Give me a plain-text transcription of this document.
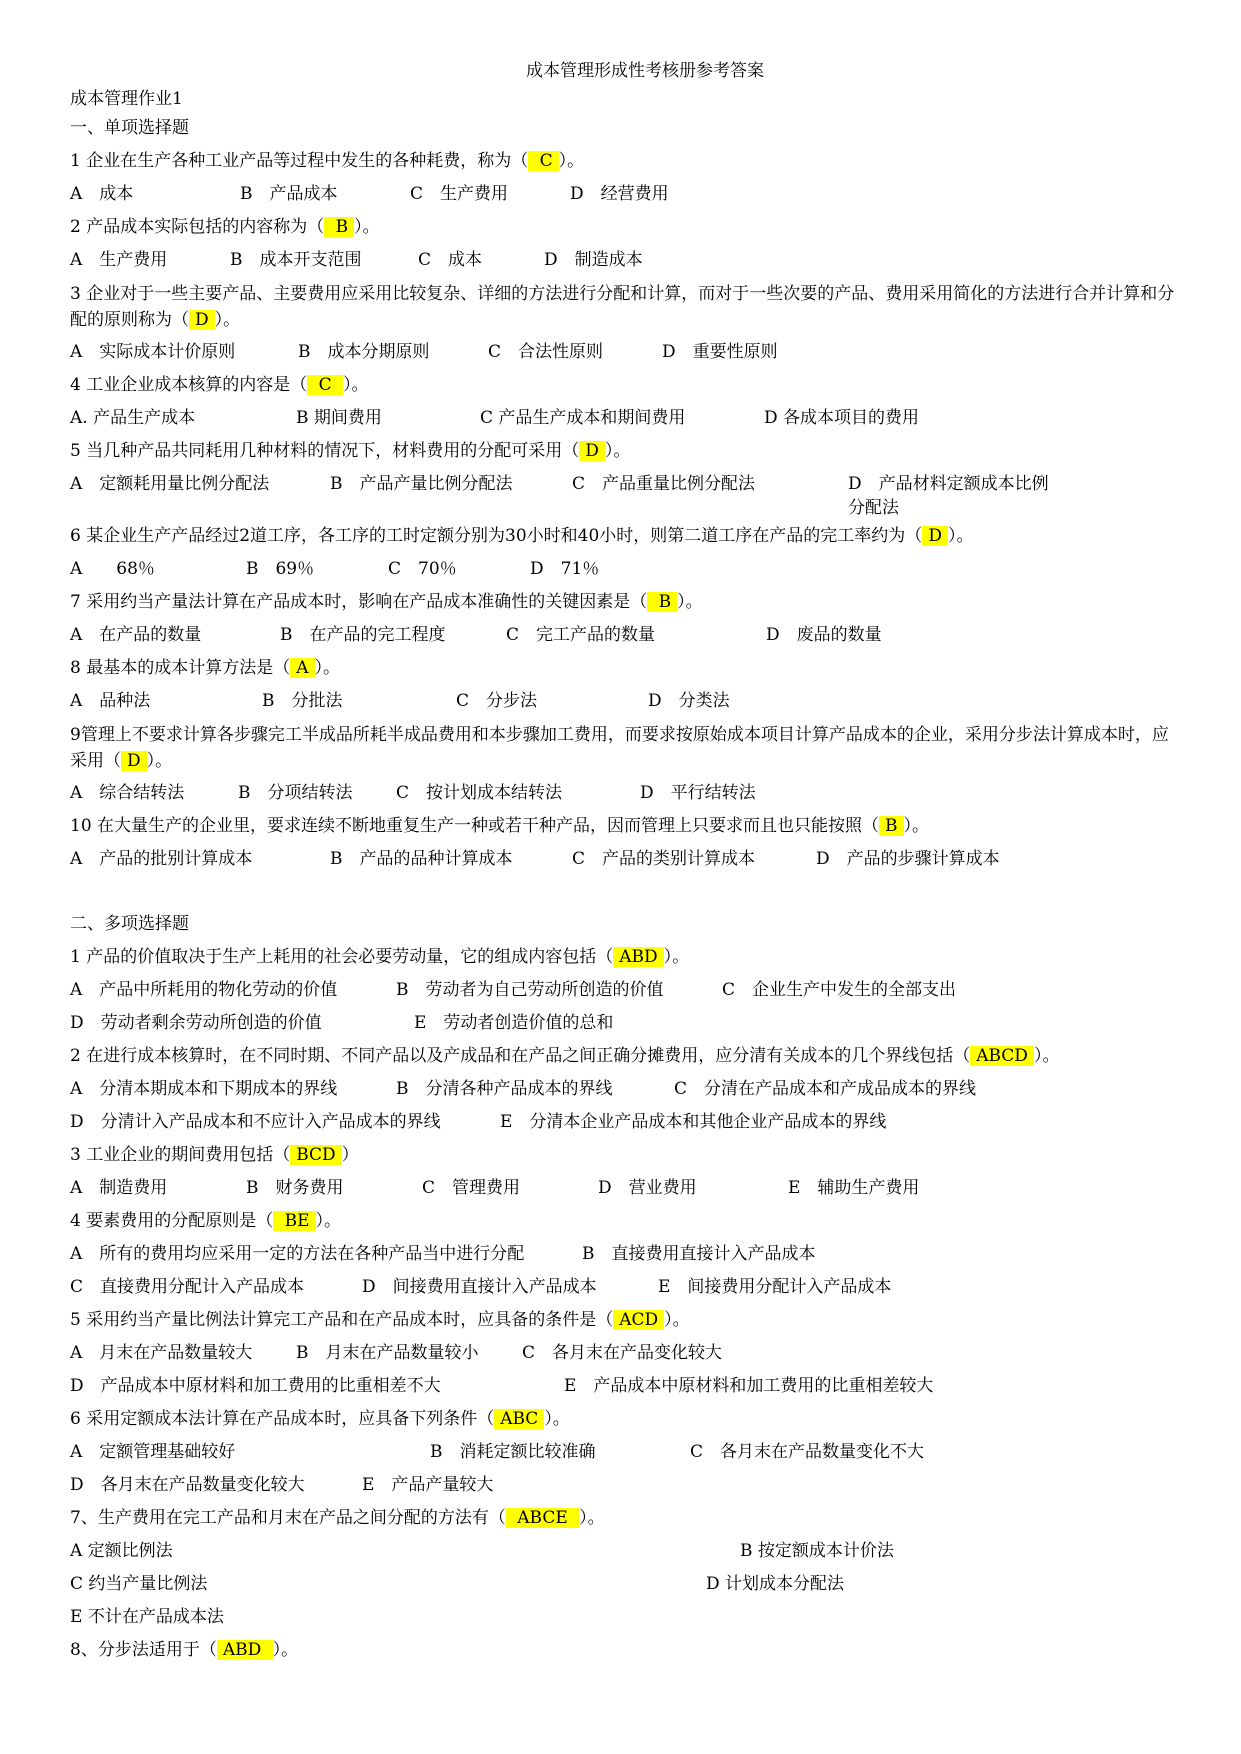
成本管理形成性考核册参考答案
成本管理作业1
一、单项选择题
1 企业在生产各种工业产品等过程中发生的各种耗费，称为（ C ）。
A　成本	B　产品成本	C　生产费用	D　经营费用
2 产品成本实际包括的内容称为（ B ）。
A　生产费用	B　成本开支范围	C　成本	D　制造成本
3 企业对于一些主要产品、主要费用应采用比较复杂、详细的方法进行分配和计算，而对于一些次要的产品、费用采用简化的方法进行合并计算和分配的原则称为（ D ）。
A　实际成本计价原则	B　成本分期原则	C　合法性原则	D　重要性原则
4 工业企业成本核算的内容是（ C ）。
A. 产品生产成本	B 期间费用	C 产品生产成本和期间费用	D 各成本项目的费用
5 当几种产品共同耗用几种材料的情况下，材料费用的分配可采用（ D ）。
A　定额耗用量比例分配法	B　产品产量比例分配法	C　产品重量比例分配法	D　产品材料定额成本比例分配法
6 某企业生产产品经过2道工序，各工序的工时定额分别为30小时和40小时，则第二道工序在产品的完工率约为（ D ）。
A　　68％	B　69％	C　70％	D　71％
7 采用约当产量法计算在产品成本时，影响在产品成本准确性的关键因素是（ B ）。
A　在产品的数量	B　在产品的完工程度	C　完工产品的数量	D　废品的数量
8 最基本的成本计算方法是（ A ）。
A　品种法	B　分批法	C　分步法	D　分类法
9管理上不要求计算各步骤完工半成品所耗半成品费用和本步骤加工费用，而要求按原始成本项目计算产品成本的企业，采用分步法计算成本时，应采用（ D ）。
A　综合结转法	B　分项结转法	C　按计划成本结转法	D　平行结转法
10 在大量生产的企业里，要求连续不断地重复生产一种或若干种产品，因而管理上只要求而且也只能按照（ B ）。
A　产品的批别计算成本	B　产品的品种计算成本	C　产品的类别计算成本	D　产品的步骤计算成本
二、多项选择题
1 产品的价值取决于生产上耗用的社会必要劳动量，它的组成内容包括（ ABD ）。
A　产品中所耗用的物化劳动的价值	B　劳动者为自己劳动所创造的价值	C　企业生产中发生的全部支出
D　劳动者剩余劳动所创造的价值	E　劳动者创造价值的总和
2 在进行成本核算时，在不同时期、不同产品以及产成品和在产品之间正确分摊费用，应分清有关成本的几个界线包括（ ABCD ）。
A　分清本期成本和下期成本的界线	B　分清各种产品成本的界线	C　分清在产品成本和产成品成本的界线
D　分清计入产品成本和不应计入产品成本的界线	E　分清本企业产品成本和其他企业产品成本的界线
3 工业企业的期间费用包括（ BCD ）
A　制造费用	B　财务费用	C　管理费用	D　营业费用	E　辅助生产费用
4 要素费用的分配原则是（ BE ）。
A　所有的费用均应采用一定的方法在各种产品当中进行分配	B　直接费用直接计入产品成本
C　直接费用分配计入产品成本	D　间接费用直接计入产品成本	E　间接费用分配计入产品成本
5 采用约当产量比例法计算完工产品和在产品成本时，应具备的条件是（ ACD ）。
A　月末在产品数量较大	B　月末在产品数量较小	C　各月末在产品变化较大
D　产品成本中原材料和加工费用的比重相差不大	E　产品成本中原材料和加工费用的比重相差较大
6 采用定额成本法计算在产品成本时，应具备下列条件（ ABC ）。
A　定额管理基础较好	B　消耗定额比较准确	C　各月末在产品数量变化不大
D　各月末在产品数量变化较大	E　产品产量较大
7、生产费用在完工产品和月末在产品之间分配的方法有（ ABCE ）。
A 定额比例法	B 按定额成本计价法
C 约当产量比例法	D 计划成本分配法
E 不计在产品成本法
8、分步法适用于（ ABD ）。
